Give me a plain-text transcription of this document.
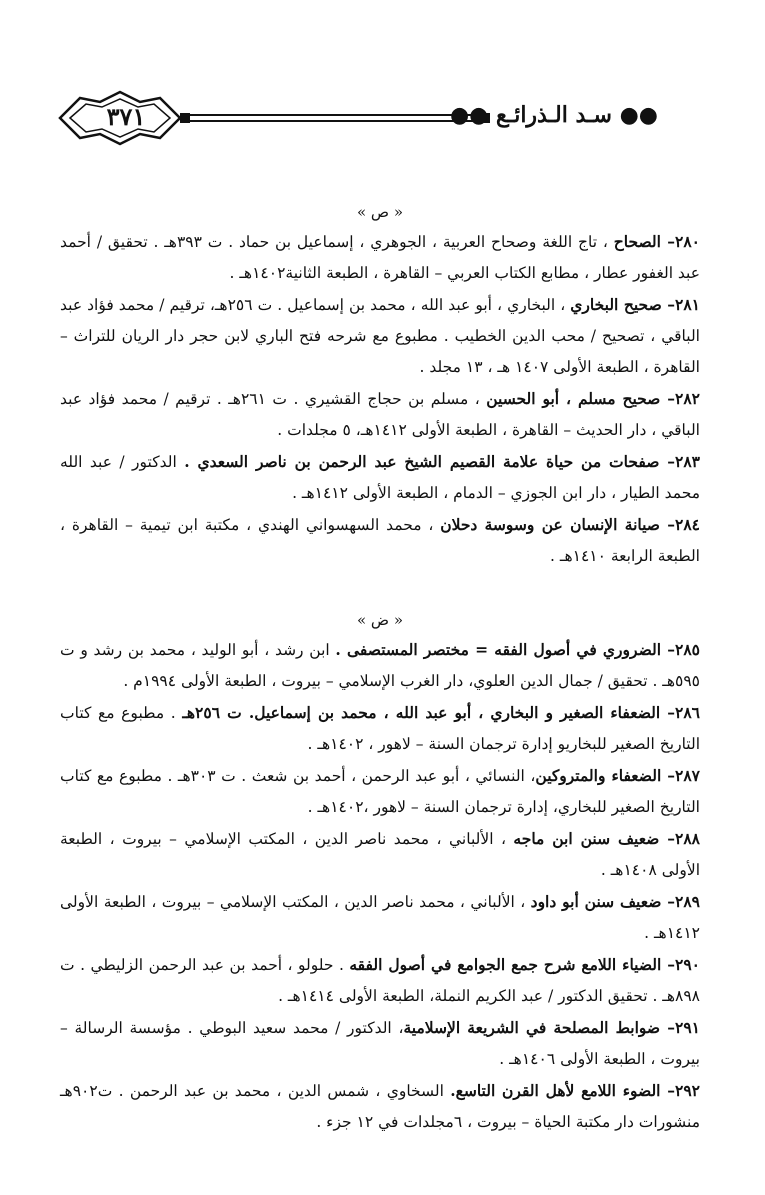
٣٧١	●● سـد الـذرائـع ●●
« ص »

٢٨٠– الصحاح ، تاج اللغة وصحاح العربية ، الجوهري ، إسماعيل بن حماد . ت ٣٩٣هـ . تحقيق / أحمد عبد الغفور عطار ، مطابع الكتاب العربي – القاهرة ، الطبعة الثانية١٤٠٢هـ .

٢٨١– صحيح البخاري ، البخاري ، أبو عبد الله ، محمد بن إسماعيل . ت ٢٥٦هـ، ترقيم / محمد فؤاد عبد الباقي ، تصحيح / محب الدين الخطيب . مطبوع مع شرحه فتح الباري لابن حجر دار الريان للتراث – القاهرة ، الطبعة الأولى ١٤٠٧ هـ ، ١٣ مجلد .

٢٨٢– صحيح مسلم ، أبو الحسين ، مسلم بن حجاج القشيري . ت ٢٦١هـ . ترقيم / محمد فؤاد عبد الباقي ، دار الحديث – القاهرة ، الطبعة الأولى ١٤١٢هـ، ٥ مجلدات .

٢٨٣– صفحات من حياة علامة القصيم الشيخ عبد الرحمن بن ناصر السعدي . الدكتور / عبد الله محمد الطيار ، دار ابن الجوزي – الدمام ، الطبعة الأولى ١٤١٢هـ .

٢٨٤– صيانة الإنسان عن وسوسة دحلان ، محمد السهسواني الهندي ، مكتبة ابن تيمية – القاهرة ، الطبعة الرابعة ١٤١٠هـ .

« ض »

٢٨٥– الضروري في أصول الفقه = مختصر المستصفى . ابن رشد ، أبو الوليد ، محمد بن رشد و ت ٥٩٥هـ . تحقيق / جمال الدين العلوي، دار الغرب الإسلامي – بيروت ، الطبعة الأولى ١٩٩٤م .

٢٨٦– الضعفاء الصغير و البخاري ، أبو عبد الله ، محمد بن إسماعيل. ت ٢٥٦هـ . مطبوع مع كتاب التاريخ الصغير للبخاريو إدارة ترجمان السنة – لاهور ، ١٤٠٢هـ .

٢٨٧– الضعفاء والمتروكين، النسائي ، أبو عبد الرحمن ، أحمد بن شعث . ت ٣٠٣هـ . مطبوع مع كتاب التاريخ الصغير للبخاري، إدارة ترجمان السنة – لاهور ،١٤٠٢هـ .

٢٨٨– ضعيف سنن ابن ماجه ، الألباني ، محمد ناصر الدين ، المكتب الإسلامي – بيروت ، الطبعة الأولى ١٤٠٨هـ .

٢٨٩– ضعيف سنن أبو داود ، الألباني ، محمد ناصر الدين ، المكتب الإسلامي – بيروت ، الطبعة الأولى ١٤١٢هـ .

٢٩٠– الضياء اللامع شرح جمع الجوامع في أصول الفقه . حلولو ، أحمد بن عبد الرحمن الزليطي . ت ٨٩٨هـ . تحقيق الدكتور / عبد الكريم النملة، الطبعة الأولى ١٤١٤هـ .

٢٩١– ضوابط المصلحة في الشريعة الإسلامية، الدكتور / محمد سعيد البوطي . مؤسسة الرسالة – بيروت ، الطبعة الأولى ١٤٠٦هـ .

٢٩٢– الضوء اللامع لأهل القرن التاسع. السخاوي ، شمس الدين ، محمد بن عبد الرحمن . ت٩٠٢هـ منشورات دار مكتبة الحياة – بيروت ، ٦مجلدات في ١٢ جزء .
